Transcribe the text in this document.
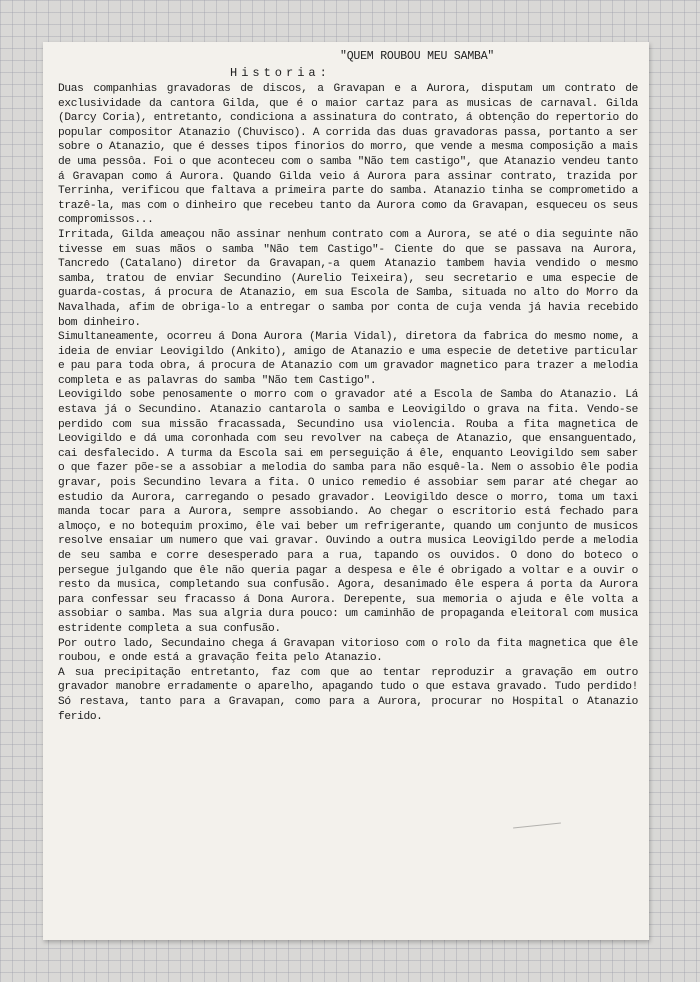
"QUEM ROUBOU MEU SAMBA"
Historia:

Duas companhias gravadoras de discos, a Gravapan e a Aurora, disputam um contrato de exclusividade da cantora Gilda, que é o maior cartaz para as musicas de carnaval. Gilda (Darcy Coria), entretanto, condiciona a assinatura do contrato, á obtenção do repertorio do popular compositor Atanazio (Chuvisco). A corrida das duas gravadoras passa, portanto a ser sobre o Atanazio, que é desses tipos finorios do morro, que vende a mesma composição a mais de uma pessôa. Foi o que aconteceu com o samba "Não tem castigo", que Atanazio vendeu tanto á Gravapan como á Aurora. Quando Gilda veio á Aurora para assinar contrato, trazida por Terrinha, verificou que faltava a primeira parte do samba. Atanazio tinha se comprometido a trazê-la, mas com o dinheiro que recebeu tanto da Aurora como da Gravapan, esqueceu os seus compromissos...

Irritada, Gilda ameaçou não assinar nenhum contrato com a Aurora, se até o dia seguinte não tivesse em suas mãos o samba "Não tem Castigo"- Ciente do que se passava na Aurora, Tancredo (Catalano) diretor da Gravapan,-a quem Atanazio tambem havia vendido o mesmo samba, tratou de enviar Secundino (Aurelio Teixeira), seu secretario e uma especie de guarda-costas, á procura de Atanazio, em sua Escola de Samba, situada no alto do Morro da Navalhada, afim de obriga-lo a entregar o samba por conta de cuja venda já havia recebido bom dinheiro.

Simultaneamente, ocorreu á Dona Aurora (Maria Vidal), diretora da fabrica do mesmo nome, a ideia de enviar Leovigildo (Ankito), amigo de Atanazio e uma especie de detetive particular e pau para toda obra, á procura de Atanazio com um gravador magnetico para trazer a melodia completa e as palavras do samba "Não tem Castigo".

Leovigildo sobe penosamente o morro com o gravador até a Escola de Samba do Atanazio. Lá estava já o Secundino. Atanazio cantarola o samba e Leovigildo o grava na fita. Vendo-se perdido com sua missão fracassada, Secundino usa violencia. Rouba a fita magnetica de Leovigildo e dá uma coronhada com seu revolver na cabeça de Atanazio, que ensanguentado, cai desfalecido. A turma da Escola sai em perseguição á êle, enquanto Leovigildo sem saber o que fazer põe-se a assobiar a melodia do samba para não esquê-la. Nem o assobio êle podia gravar, pois Secundino levara a fita. O unico remedio é assobiar sem parar até chegar ao estudio da Aurora, carregando o pesado gravador. Leovigildo desce o morro, toma um taxi manda tocar para a Aurora, sempre assobiando. Ao chegar o escritorio está fechado para almoço, e no botequim proximo, êle vai beber um refrigerante, quando um conjunto de musicos resolve ensaiar um numero que vai gravar. Ouvindo a outra musica Leovigildo perde a melodia de seu samba e corre desesperado para a rua, tapando os ouvidos. O dono do boteco o persegue julgando que êle não queria pagar a despesa e êle é obrigado a voltar e a ouvir o resto da musica, completando sua confusão. Agora, desanimado êle espera á porta da Aurora para confessar seu fracasso á Dona Aurora. Derepente, sua memoria o ajuda e êle volta a assobiar o samba. Mas sua algria dura pouco: um caminhão de propaganda eleitoral com musica estridente completa a sua confusão.

Por outro lado, Secundaino chega á Gravapan vitorioso com o rolo da fita magnetica que êle roubou, e onde está a gravação feita pelo Atanazio.

A sua precipitação entretanto, faz com que ao tentar reproduzir a gravação em outro gravador manobre erradamente o aparelho, apagando tudo o que estava gravado. Tudo perdido! Só restava, tanto para a Gravapan, como para a Aurora, procurar no Hospital o Atanazio ferido.
